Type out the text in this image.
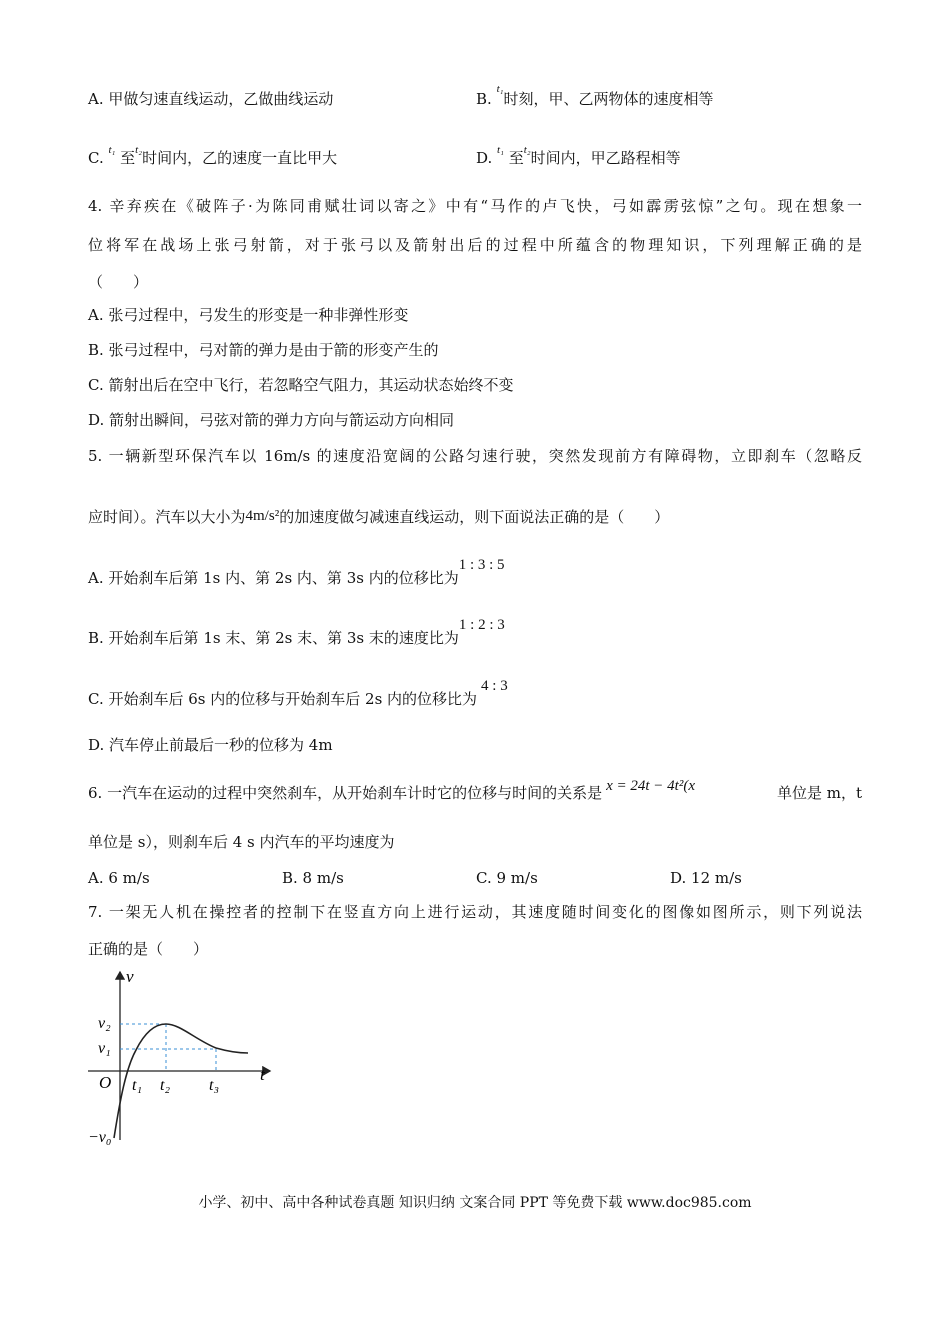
A. 甲做匀速直线运动，乙做曲线运动	B. $^{t_1}$时刻，甲、乙两物体的速度相等
C. $^{t_1}$ 至$^{t_2}$时间内，乙的速度一直比甲大	D. $^{t_1}$ 至$^{t_2}$时间内，甲乙路程相等
4. 辛弃疾在《破阵子·为陈同甫赋壮词以寄之》中有“马作的卢飞快，弓如霹雳弦惊”之句。现在想象一
位将军在战场上张弓射箭，对于张弓以及箭射出后的过程中所蕴含的物理知识，下列理解正确的是
（　　）
A. 张弓过程中，弓发生的形变是一种非弹性形变
B. 张弓过程中，弓对箭的弹力是由于箭的形变产生的
C. 箭射出后在空中飞行，若忽略空气阻力，其运动状态始终不变
D. 箭射出瞬间，弓弦对箭的弹力方向与箭运动方向相同
5. 一辆新型环保汽车以 16m/s 的速度沿宽阔的公路匀速行驶，突然发现前方有障碍物，立即刹车（忽略反
应时间）。汽车以大小为4m/s²的加速度做匀减速直线运动，则下面说法正确的是（　　）
A. 开始刹车后第 1s 内、第 2s 内、第 3s 内的位移比为1 : 3 : 5
B. 开始刹车后第 1s 末、第 2s 末、第 3s 末的速度比为1 : 2 : 3
C. 开始刹车后 6s 内的位移与开始刹车后 2s 内的位移比为4 : 3
D. 汽车停止前最后一秒的位移为 4m
6. 一汽车在运动的过程中突然刹车，从开始刹车计时它的位移与时间的关系是 x = 24t − 4t²(x	单位是 m，t
单位是 s），则刹车后 4 s 内汽车的平均速度为
A. 6 m/s	B. 8 m/s	C. 9 m/s	D. 12 m/s
7. 一架无人机在操控者的控制下在竖直方向上进行运动，其速度随时间变化的图像如图所示，则下列说法
正确的是（　　）
v
t
O
v₂
v₁
−v₀
t₁ t₂ t₃
小学、初中、高中各种试卷真题 知识归纳 文案合同 PPT 等免费下载 www.doc985.com
